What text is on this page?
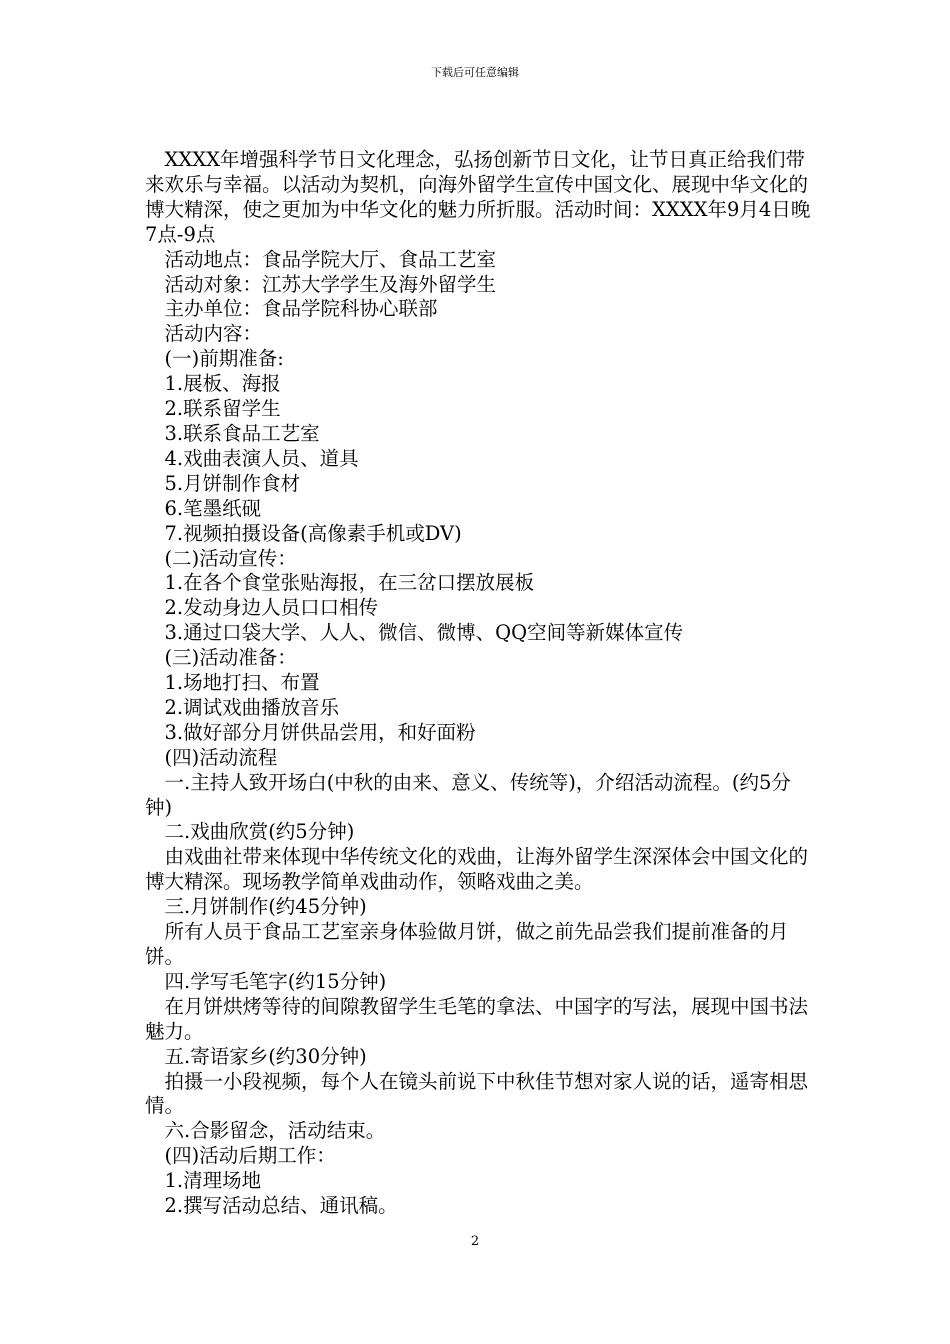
下载后可任意编辑

XXXX年增强科学节日文化理念，弘扬创新节日文化，让节日真正给我们带来欢乐与幸福。以活动为契机，向海外留学生宣传中国文化、展现中华文化的博大精深，使之更加为中华文化的魅力所折服。活动时间：XXXX年9月4日晚7点-9点

活动地点：食品学院大厅、食品工艺室

活动对象：江苏大学学生及海外留学生

主办单位：食品学院科协心联部

活动内容：

(一)前期准备:

1.展板、海报

2.联系留学生

3.联系食品工艺室

4.戏曲表演人员、道具

5.月饼制作食材

6.笔墨纸砚

7.视频拍摄设备(高像素手机或DV)

(二)活动宣传：

1.在各个食堂张贴海报，在三岔口摆放展板

2.发动身边人员口口相传

3.通过口袋大学、人人、微信、微博、QQ空间等新媒体宣传

(三)活动准备：

1.场地打扫、布置

2.调试戏曲播放音乐

3.做好部分月饼供品尝用，和好面粉

(四)活动流程

一.主持人致开场白(中秋的由来、意义、传统等)，介绍活动流程。(约5分钟)

二.戏曲欣赏(约5分钟)

由戏曲社带来体现中华传统文化的戏曲，让海外留学生深深体会中国文化的博大精深。现场教学简单戏曲动作，领略戏曲之美。

三.月饼制作(约45分钟)

所有人员于食品工艺室亲身体验做月饼，做之前先品尝我们提前准备的月饼。

四.学写毛笔字(约15分钟)

在月饼烘烤等待的间隙教留学生毛笔的拿法、中国字的写法，展现中国书法魅力。

五.寄语家乡(约30分钟)

拍摄一小段视频，每个人在镜头前说下中秋佳节想对家人说的话，遥寄相思情。

六.合影留念，活动结束。

(四)活动后期工作：

1.清理场地

2.撰写活动总结、通讯稿。

2
